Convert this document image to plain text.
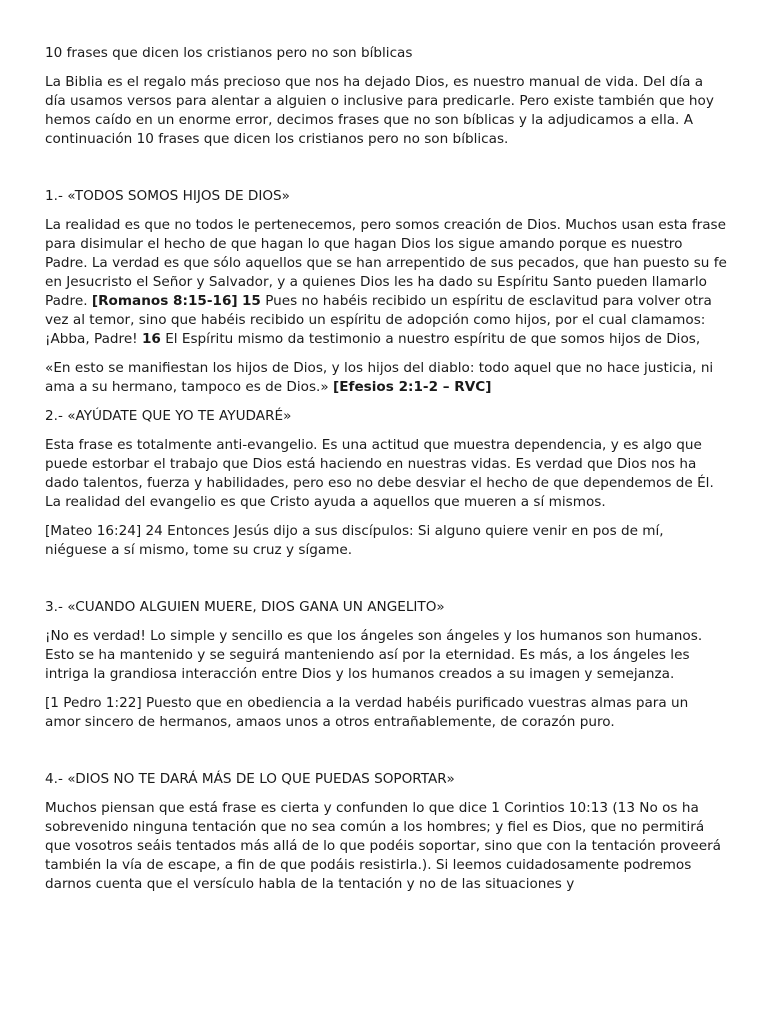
10 frases que dicen los cristianos pero no son bíblicas

La Biblia es el regalo más precioso que nos ha dejado Dios, es nuestro manual de vida. Del día a día usamos versos para alentar a alguien o inclusive para predicarle. Pero existe también que hoy hemos caído en un enorme error, decimos frases que no son bíblicas y la adjudicamos a ella. A continuación 10 frases que dicen los cristianos pero no son bíblicas.

1.- «TODOS SOMOS HIJOS DE DIOS»

La realidad es que no todos le pertenecemos, pero somos creación de Dios. Muchos usan esta frase para disimular el hecho de que hagan lo que hagan Dios los sigue amando porque es nuestro Padre. La verdad es que sólo aquellos que se han arrepentido de sus pecados, que han puesto su fe en Jesucristo el Señor y Salvador, y a quienes Dios les ha dado su Espíritu Santo pueden llamarlo Padre. [Romanos 8:15-16] 15 Pues no habéis recibido un espíritu de esclavitud para volver otra vez al temor, sino que habéis recibido un espíritu de adopción como hijos, por el cual clamamos: ¡Abba, Padre! 16 El Espíritu mismo da testimonio a nuestro espíritu de que somos hijos de Dios,

«En esto se manifiestan los hijos de Dios, y los hijos del diablo: todo aquel que no hace justicia, ni ama a su hermano, tampoco es de Dios.» [Efesios 2:1-2 – RVC]

2.- «AYÚDATE QUE YO TE AYUDARÉ»

Esta frase es totalmente anti-evangelio. Es una actitud que muestra dependencia, y es algo que puede estorbar el trabajo que Dios está haciendo en nuestras vidas. Es verdad que Dios nos ha dado talentos, fuerza y habilidades, pero eso no debe desviar el hecho de que dependemos de Él. La realidad del evangelio es que Cristo ayuda a aquellos que mueren a sí mismos.

[Mateo 16:24] 24 Entonces Jesús dijo a sus discípulos: Si alguno quiere venir en pos de mí, niéguese a sí mismo, tome su cruz y sígame.

3.- «CUANDO ALGUIEN MUERE, DIOS GANA UN ANGELITO»

¡No es verdad! Lo simple y sencillo es que los ángeles son ángeles y los humanos son humanos. Esto se ha mantenido y se seguirá manteniendo así por la eternidad. Es más, a los ángeles les intriga la grandiosa interacción entre Dios y los humanos creados a su imagen y semejanza.

[1 Pedro 1:22] Puesto que en obediencia a la verdad habéis purificado vuestras almas para un amor sincero de hermanos, amaos unos a otros entrañablemente, de corazón puro.

4.- «DIOS NO TE DARÁ MÁS DE LO QUE PUEDAS SOPORTAR»

Muchos piensan que está frase es cierta y confunden lo que dice 1 Corintios 10:13 (13 No os ha sobrevenido ninguna tentación que no sea común a los hombres; y fiel es Dios, que no permitirá que vosotros seáis tentados más allá de lo que podéis soportar, sino que con la tentación proveerá también la vía de escape, a fin de que podáis resistirla.). Si leemos cuidadosamente podremos darnos cuenta que el versículo habla de la tentación y no de las situaciones y
